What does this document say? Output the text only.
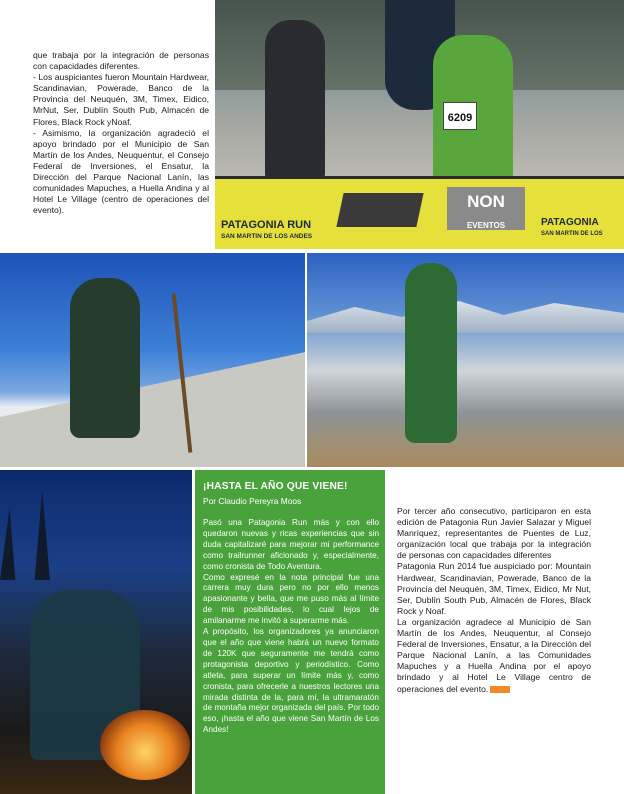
que trabaja por la integración de personas con capacidades diferentes.

- Los auspiciantes fueron Mountain Hardwear, Scandinavian, Powerade, Banco de la Provincia del Neuquén, 3M, Timex, Eidico, MrNut, Ser, Dublín South Pub, Almacén de Flores, Black Rock yNoaf.

- Asimismo, la organización agradeció el apoyo brindado por el Municipio de San Martín de los Andes, Neuquentur, el Consejo Federal de Inversiones, el Ensatur, la Dirección del Parque Nacional Lanín, las comunidades Mapuches, a Huella Andina y al Hotel Le Village (centro de operaciones del evento).

6209
PATAGONIA RUN
SAN MARTIN DE LOS ANDES
NON
EVENTOS	PATAGONIA
SAN MARTIN DE LOS
¡HASTA EL AÑO QUE VIENE!
Por Claudio Pereyra Moos

Pasó una Patagonia Run más y con ello quedaron nuevas y ricas experiencias que sin duda capitalizaré para mejorar mi performance como trailrunner aficionado y, especialmente, como cronista de Todo Aventura.

Como expresé en la nota principal fue una carrera muy dura pero no por ello menos apasionante y bella, que me puso más al límite de mis posibilidades, lo cual lejos de amilanarme me invitó a superarme más.

A propósito, los organizadores ya anunciaron que el año que viene habrá un nuevo formato de 120K que seguramente me tendrá como protagonista deportivo y periodístico. Como atleta, para superar un límite más y, como cronista, para ofrecerle a nuestros lectores una mirada distinta de la, para mí, la ultramaratón de montaña mejor organizada del país. Por todo eso, ¡hasta el año que viene San Martín de Los Andes!

Por tercer año consecutivo, participaron en esta edición de Patagonia Run Javier Salazar y Miguel Manríquez, representantes de Puentes de Luz, organización local que trabaja por la integración de personas con capacidades diferentes

Patagonia Run 2014 fue auspiciado por: Mountain Hardwear, Scandinavian, Powerade, Banco de la Provincia del Neuquén, 3M, Timex, Eidico, Mr Nut, Ser, Dublín South Pub, Almacén de Flores, Black Rock y Noaf.

La organización agradece al Municipio de San Martín de los Andes, Neuquentur, al Consejo Federal de Inversiones, Ensatur, a la Dirección del Parque Nacional Lanín, a las Comunidades Mapuches y a Huella Andina por el apoyo brindado y al Hotel Le Village centro de operaciones del evento.
